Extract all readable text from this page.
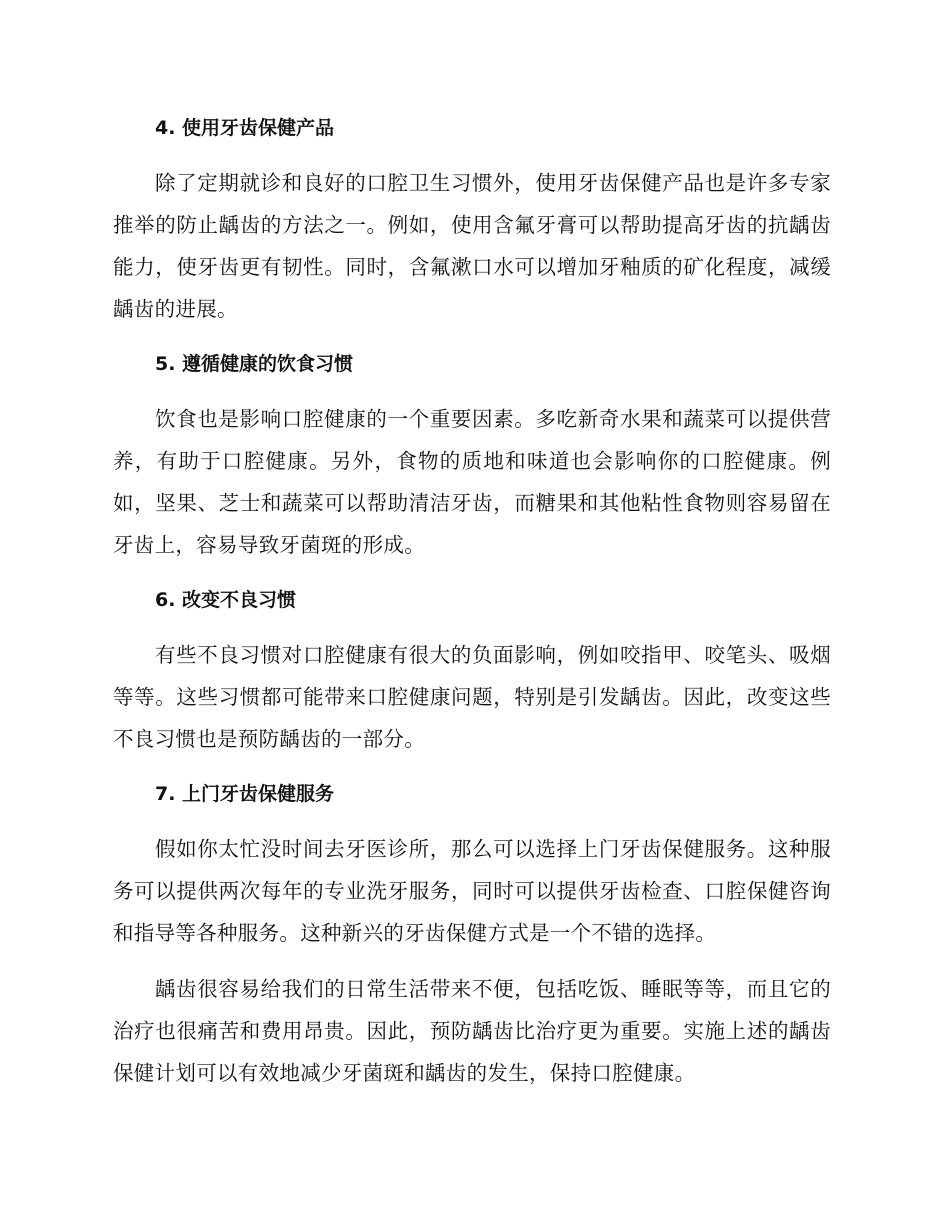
4. 使用牙齿保健产品

除了定期就诊和良好的口腔卫生习惯外，使用牙齿保健产品也是许多专家推举的防止龋齿的方法之一。例如，使用含氟牙膏可以帮助提高牙齿的抗龋齿能力，使牙齿更有韧性。同时，含氟漱口水可以增加牙釉质的矿化程度，减缓龋齿的进展。

5. 遵循健康的饮食习惯

饮食也是影响口腔健康的一个重要因素。多吃新奇水果和蔬菜可以提供营养，有助于口腔健康。另外，食物的质地和味道也会影响你的口腔健康。例如，坚果、芝士和蔬菜可以帮助清洁牙齿，而糖果和其他粘性食物则容易留在牙齿上，容易导致牙菌斑的形成。

6. 改变不良习惯

有些不良习惯对口腔健康有很大的负面影响，例如咬指甲、咬笔头、吸烟等等。这些习惯都可能带来口腔健康问题，特别是引发龋齿。因此，改变这些不良习惯也是预防龋齿的一部分。

7. 上门牙齿保健服务

假如你太忙没时间去牙医诊所，那么可以选择上门牙齿保健服务。这种服务可以提供两次每年的专业洗牙服务，同时可以提供牙齿检查、口腔保健咨询和指导等各种服务。这种新兴的牙齿保健方式是一个不错的选择。

龋齿很容易给我们的日常生活带来不便，包括吃饭、睡眠等等，而且它的治疗也很痛苦和费用昂贵。因此，预防龋齿比治疗更为重要。实施上述的龋齿保健计划可以有效地减少牙菌斑和龋齿的发生，保持口腔健康。
